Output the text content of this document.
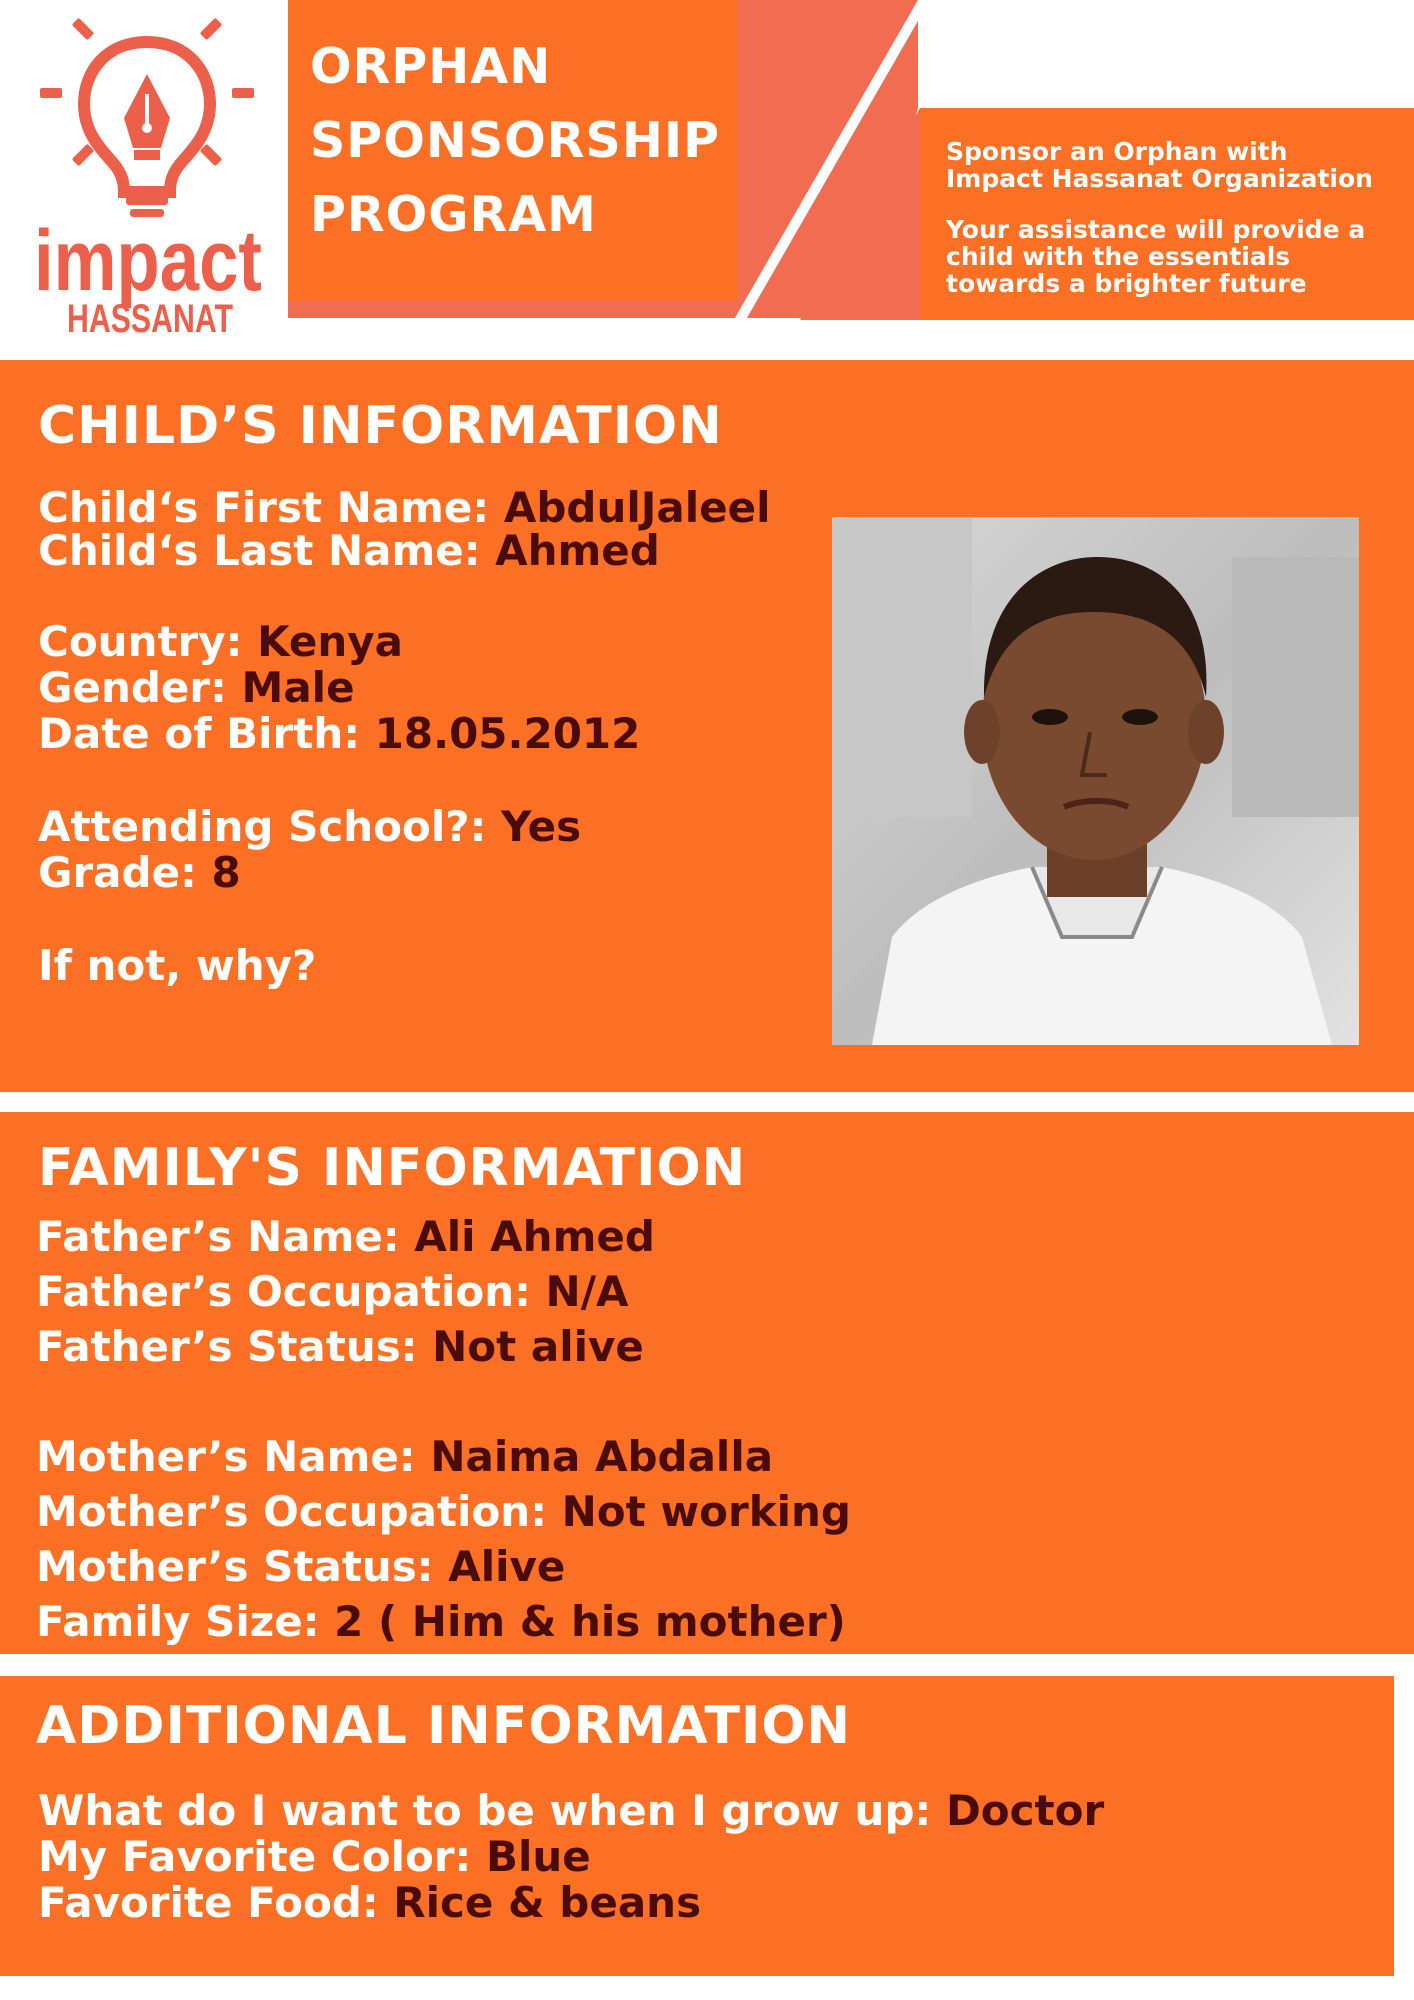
impact
HASSANAT
ORPHAN
SPONSORSHIP
PROGRAM
Sponsor an Orphan with
Impact Hassanat Organization
Your assistance will provide a
child with the essentials
towards a brighter future
CHILD’S INFORMATION
Child‘s First Name: AbdulJaleel
Child‘s Last Name: Ahmed
Country: Kenya
Gender: Male
Date of Birth: 18.05.2012
Attending School?: Yes
Grade: 8
If not, why?
FAMILY'S INFORMATION
Father’s Name: Ali Ahmed
Father’s Occupation: N/A
Father’s Status: Not alive
Mother’s Name: Naima Abdalla
Mother’s Occupation: Not working
Mother’s Status: Alive
Family Size: 2 ( Him & his mother)
ADDITIONAL INFORMATION
What do I want to be when I grow up: Doctor
My Favorite Color: Blue
Favorite Food: Rice & beans
